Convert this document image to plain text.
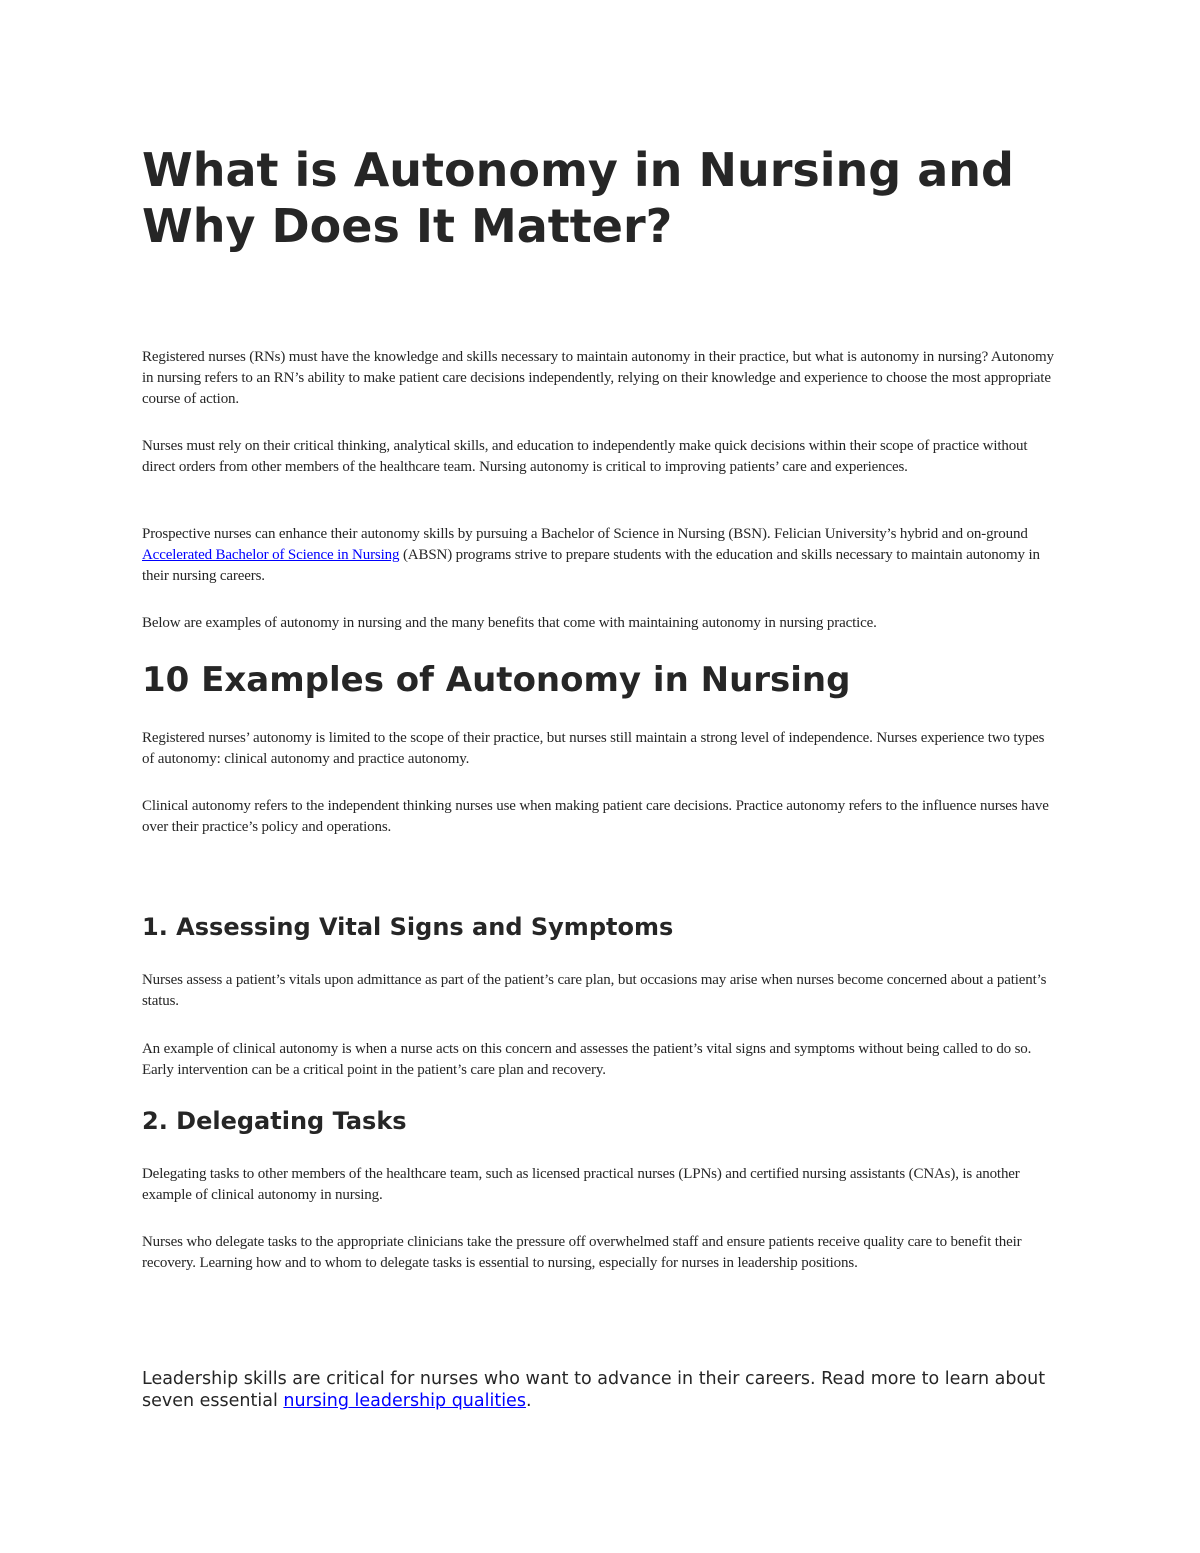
What is Autonomy in Nursing and Why Does It Matter?

Registered nurses (RNs) must have the knowledge and skills necessary to maintain autonomy in their practice, but what is autonomy in nursing? Autonomy in nursing refers to an RN’s ability to make patient care decisions independently, relying on their knowledge and experience to choose the most appropriate course of action.

Nurses must rely on their critical thinking, analytical skills, and education to independently make quick decisions within their scope of practice without direct orders from other members of the healthcare team. Nursing autonomy is critical to improving patients’ care and experiences.

Prospective nurses can enhance their autonomy skills by pursuing a Bachelor of Science in Nursing (BSN). Felician University’s hybrid and on-ground Accelerated Bachelor of Science in Nursing (ABSN) programs strive to prepare students with the education and skills necessary to maintain autonomy in their nursing careers.

Below are examples of autonomy in nursing and the many benefits that come with maintaining autonomy in nursing practice.

10 Examples of Autonomy in Nursing

Registered nurses’ autonomy is limited to the scope of their practice, but nurses still maintain a strong level of independence. Nurses experience two types of autonomy: clinical autonomy and practice autonomy.

Clinical autonomy refers to the independent thinking nurses use when making patient care decisions. Practice autonomy refers to the influence nurses have over their practice’s policy and operations.

1. Assessing Vital Signs and Symptoms

Nurses assess a patient’s vitals upon admittance as part of the patient’s care plan, but occasions may arise when nurses become concerned about a patient’s status.

An example of clinical autonomy is when a nurse acts on this concern and assesses the patient’s vital signs and symptoms without being called to do so. Early intervention can be a critical point in the patient’s care plan and recovery.

2. Delegating Tasks

Delegating tasks to other members of the healthcare team, such as licensed practical nurses (LPNs) and certified nursing assistants (CNAs), is another example of clinical autonomy in nursing.

Nurses who delegate tasks to the appropriate clinicians take the pressure off overwhelmed staff and ensure patients receive quality care to benefit their recovery. Learning how and to whom to delegate tasks is essential to nursing, especially for nurses in leadership positions.

Leadership skills are critical for nurses who want to advance in their careers. Read more to learn about seven essential nursing leadership qualities.
